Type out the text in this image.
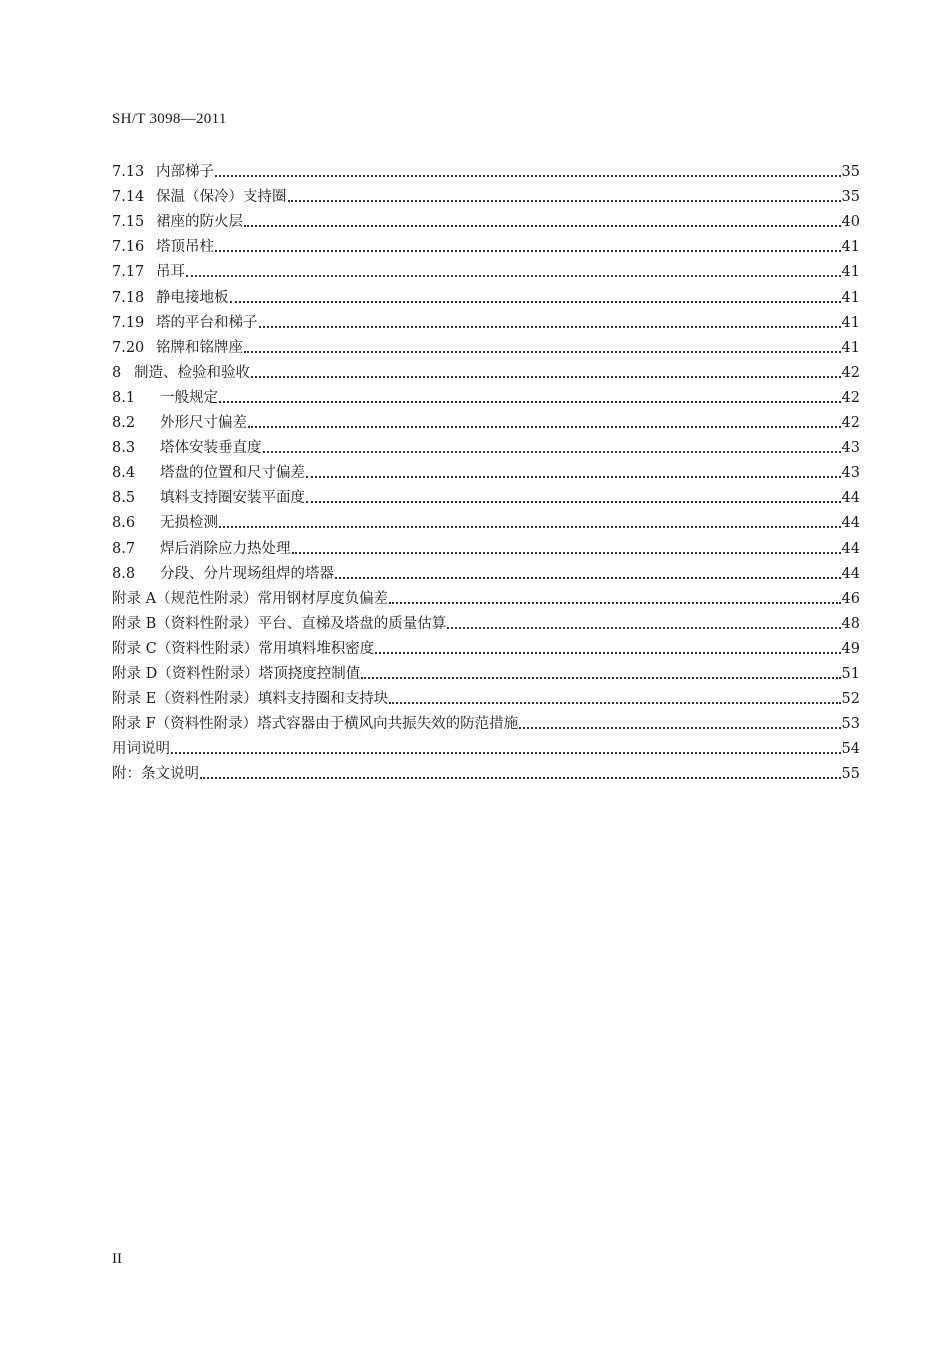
SH/T 3098—2011
7.13 内部梯子	35
7.14 保温（保冷）支持圈	35
7.15 裙座的防火层	40
7.16 塔顶吊柱	41
7.17 吊耳	41
7.18 静电接地板	41
7.19 塔的平台和梯子	41
7.20 铭牌和铭牌座	41
8 制造、检验和验收	42
8.1	一般规定	42
8.2	外形尺寸偏差	42
8.3	塔体安装垂直度	43
8.4	塔盘的位置和尺寸偏差	43
8.5	填料支持圈安装平面度	44
8.6	无损检测	44
8.7	焊后消除应力热处理	44
8.8	分段、分片现场组焊的塔器	44
附录 A（规范性附录）常用钢材厚度负偏差	46
附录 B（资料性附录）平台、直梯及塔盘的质量估算	48
附录 C（资料性附录）常用填料堆积密度	49
附录 D（资料性附录）塔顶挠度控制值	51
附录 E（资料性附录）填料支持圈和支持块	52
附录 F（资料性附录）塔式容器由于横风向共振失效的防范措施	53
用词说明	54
附：条文说明	55
II
